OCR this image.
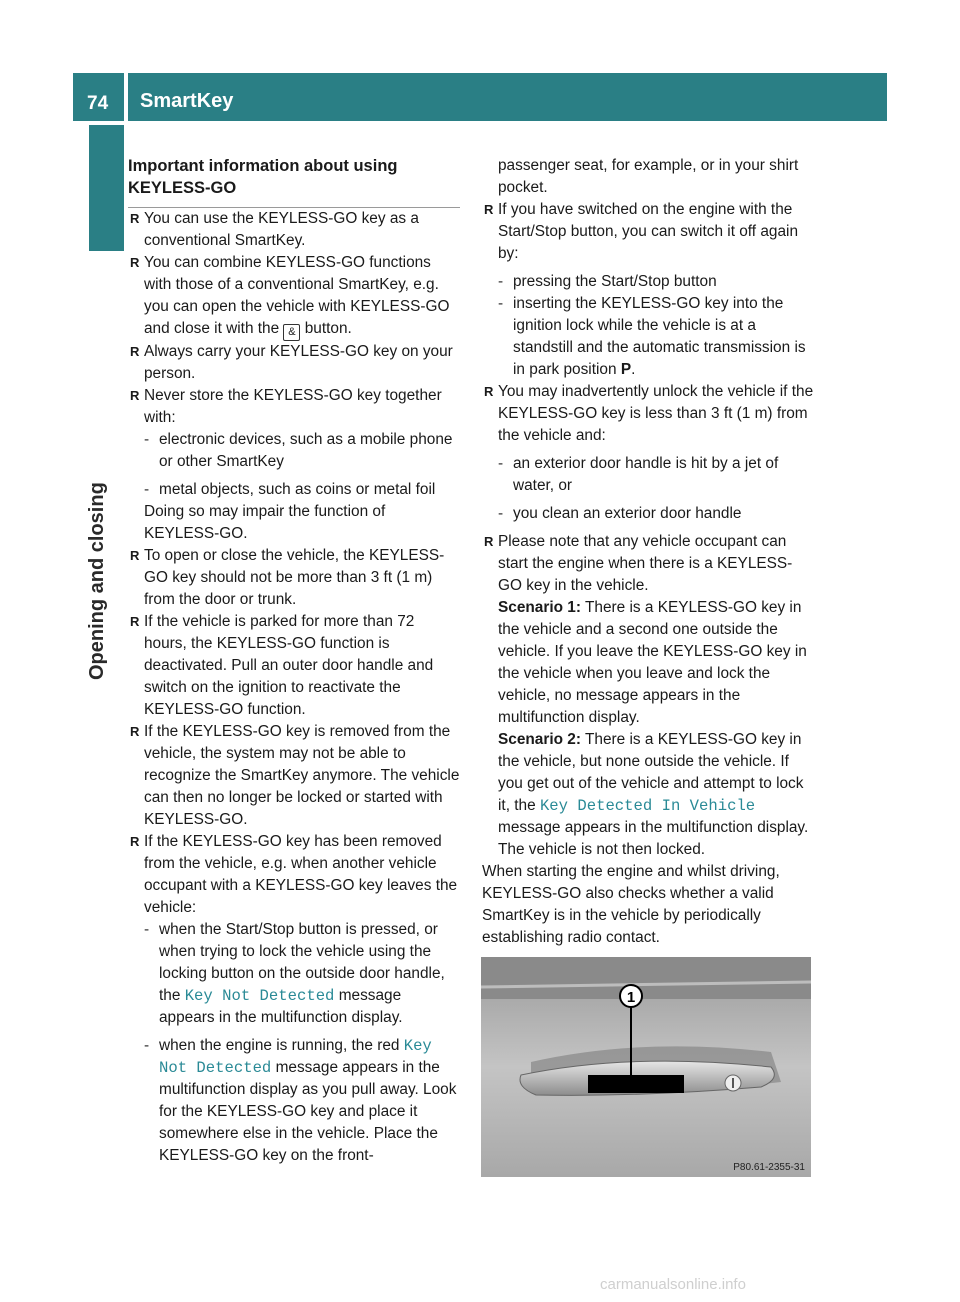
74 SmartKey
Opening and closing

Important information about using KEYLESS-GO

R You can use the KEYLESS-GO key as a conventional SmartKey.

R You can combine KEYLESS-GO functions with those of a conventional SmartKey, e.g. you can open the vehicle with KEYLESS-GO and close it with the & button.

R Always carry your KEYLESS-GO key on your person.

R Never store the KEYLESS-GO key together with:

- electronic devices, such as a mobile phone or other SmartKey

- metal objects, such as coins or metal foil

Doing so may impair the function of KEYLESS-GO.

R To open or close the vehicle, the KEYLESS-GO key should not be more than 3 ft (1 m) from the door or trunk.

R If the vehicle is parked for more than 72 hours, the KEYLESS-GO function is deactivated. Pull an outer door handle and switch on the ignition to reactivate the KEYLESS-GO function.

R If the KEYLESS-GO key is removed from the vehicle, the system may not be able to recognize the SmartKey anymore. The vehicle can then no longer be locked or started with KEYLESS-GO.

R If the KEYLESS-GO key has been removed from the vehicle, e.g. when another vehicle occupant with a KEYLESS-GO key leaves the vehicle:

- when the Start/Stop button is pressed, or when trying to lock the vehicle using the locking button on the outside door handle, the Key Not Detected message appears in the multifunction display.

- when the engine is running, the red Key Not Detected message appears in the multifunction display as you pull away. Look for the KEYLESS-GO key and place it somewhere else in the vehicle. Place the KEYLESS-GO key on the front-

passenger seat, for example, or in your shirt pocket.

R If you have switched on the engine with the Start/Stop button, you can switch it off again by:

- pressing the Start/Stop button

- inserting the KEYLESS-GO key into the ignition lock while the vehicle is at a standstill and the automatic transmission is in park position P.

R You may inadvertently unlock the vehicle if the KEYLESS-GO key is less than 3 ft (1 m) from the vehicle and:

- an exterior door handle is hit by a jet of water, or

- you clean an exterior door handle

R Please note that any vehicle occupant can start the engine when there is a KEYLESS-GO key in the vehicle.

Scenario 1: There is a KEYLESS-GO key in the vehicle and a second one outside the vehicle. If you leave the KEYLESS-GO key in the vehicle when you leave and lock the vehicle, no message appears in the multifunction display.

Scenario 2: There is a KEYLESS-GO key in the vehicle, but none outside the vehicle. If you get out of the vehicle and attempt to lock it, the Key Detected In Vehicle message appears in the multifunction display. The vehicle is not then locked.

When starting the engine and whilst driving, KEYLESS-GO also checks whether a valid SmartKey is in the vehicle by periodically establishing radio contact.

1
P80.61-2355-31
carmanualsonline.info
